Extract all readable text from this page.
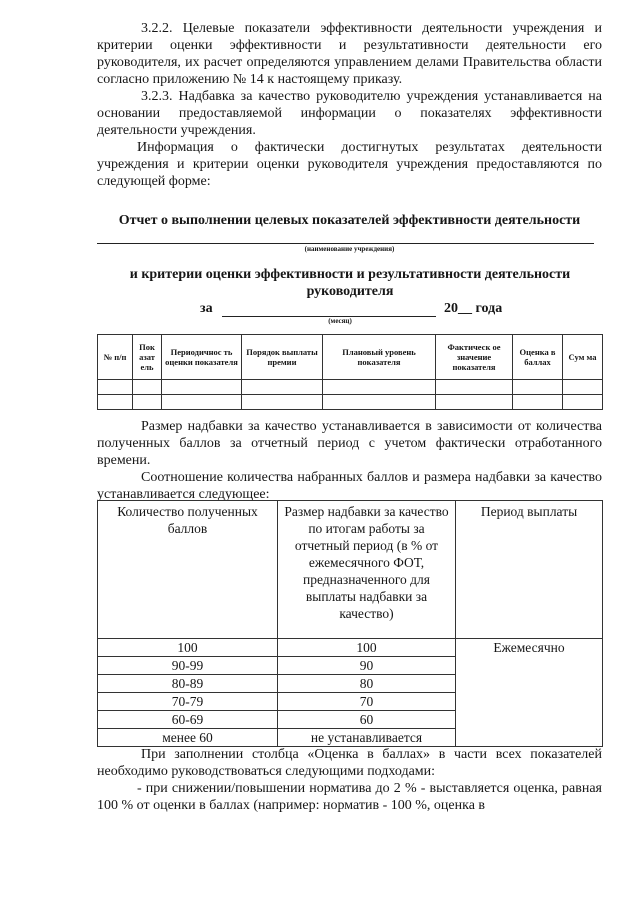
3.2.2. Целевые показатели эффективности деятельности учреждения и критерии оценки эффективности и результативности деятельности его руководителя, их расчет определяются управлением делами Правительства области согласно приложению № 14 к настоящему приказу.

3.2.3. Надбавка за качество руководителю учреждения устанавливается на основании предоставляемой информации о показателях эффективности деятельности учреждения.

Информация о фактически достигнутых результатах деятельности учреждения и критерии оценки руководителя учреждения предоставляются по следующей форме:

Отчет о выполнении целевых показателей эффективности деятельности

(наименование учреждения)

и критерии оценки эффективности и результативности деятельности руководителя

за	20__ года
(месяц)
№ п/п	Пок азат ель	Периодичнос ть оценки показателя	Порядок выплаты премии	Плановый уровень показателя	Фактическ ое значение показателя	Оценка в баллах	Сум ма

Размер надбавки за качество устанавливается в зависимости от количества полученных баллов за отчетный период с учетом фактически отработанного времени.

Соотношение количества набранных баллов и размера надбавки за качество устанавливается следующее:

Количество полученных баллов	Размер надбавки за качество по итогам работы за отчетный период (в % от ежемесячного ФОТ, предназначенного для выплаты надбавки за качество)	Период выплаты
100	100	Ежемесячно
90-99	90	
80-89	80	
70-79	70	
60-69	60	
менее 60	не устанавливается	

При заполнении столбца «Оценка в баллах» в части всех показателей необходимо руководствоваться следующими подходами:

- при снижении/повышении норматива до 2 % - выставляется оценка, равная 100 % от оценки в баллах (например: норматив - 100 %, оценка в
